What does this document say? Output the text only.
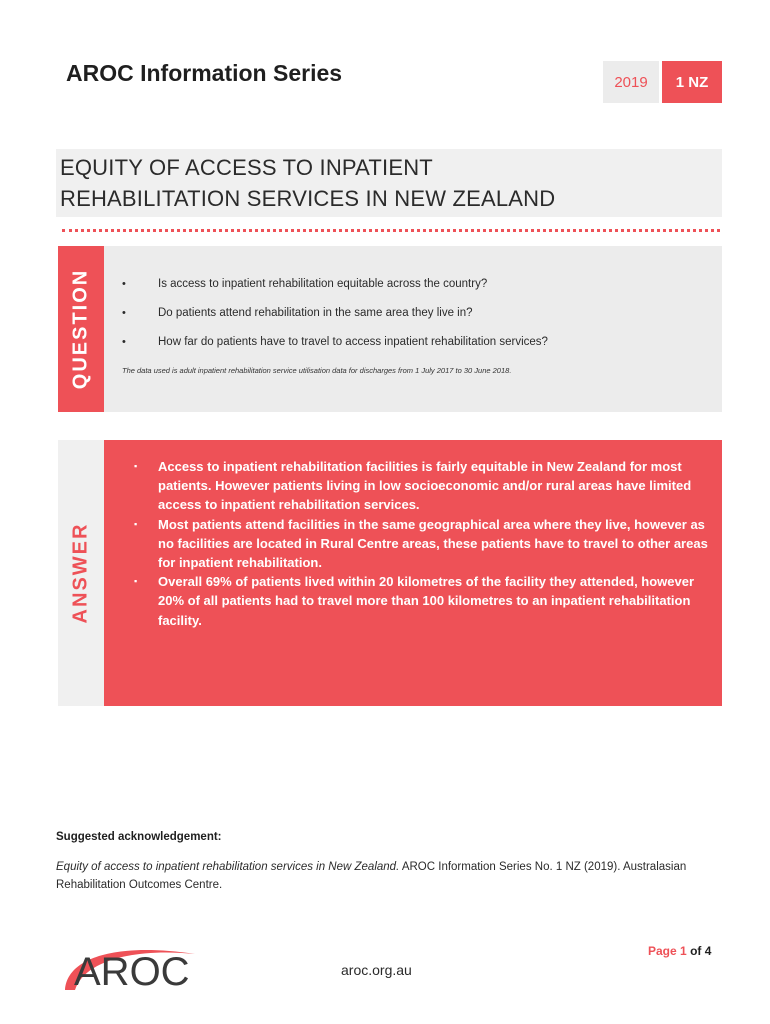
AROC Information Series	2019	1 NZ
EQUITY OF ACCESS TO INPATIENT
REHABILITATION SERVICES IN NEW ZEALAND
QUESTION	•	Is access to inpatient rehabilitation equitable across the country?
•	Do patients attend rehabilitation in the same area they live in?
•	How far do patients have to travel to access inpatient rehabilitation services?
The data used is adult inpatient rehabilitation service utilisation data for discharges from 1 July 2017 to 30 June 2018.
ANSWER
▪ Access to inpatient rehabilitation facilities is fairly equitable in New Zealand for most patients. However patients living in low socioeconomic and/or rural areas have limited access to inpatient rehabilitation services.
▪ Most patients attend facilities in the same geographical area where they live, however as no facilities are located in Rural Centre areas, these patients have to travel to other areas for inpatient rehabilitation.
▪ Overall 69% of patients lived within 20 kilometres of the facility they attended, however 20% of all patients had to travel more than 100 kilometres to an inpatient rehabilitation facility.
Suggested acknowledgement:
Equity of access to inpatient rehabilitation services in New Zealand. AROC Information Series No. 1 NZ (2019). Australasian Rehabilitation Outcomes Centre.
AROC	aroc.org.au
Page 1 of 4
